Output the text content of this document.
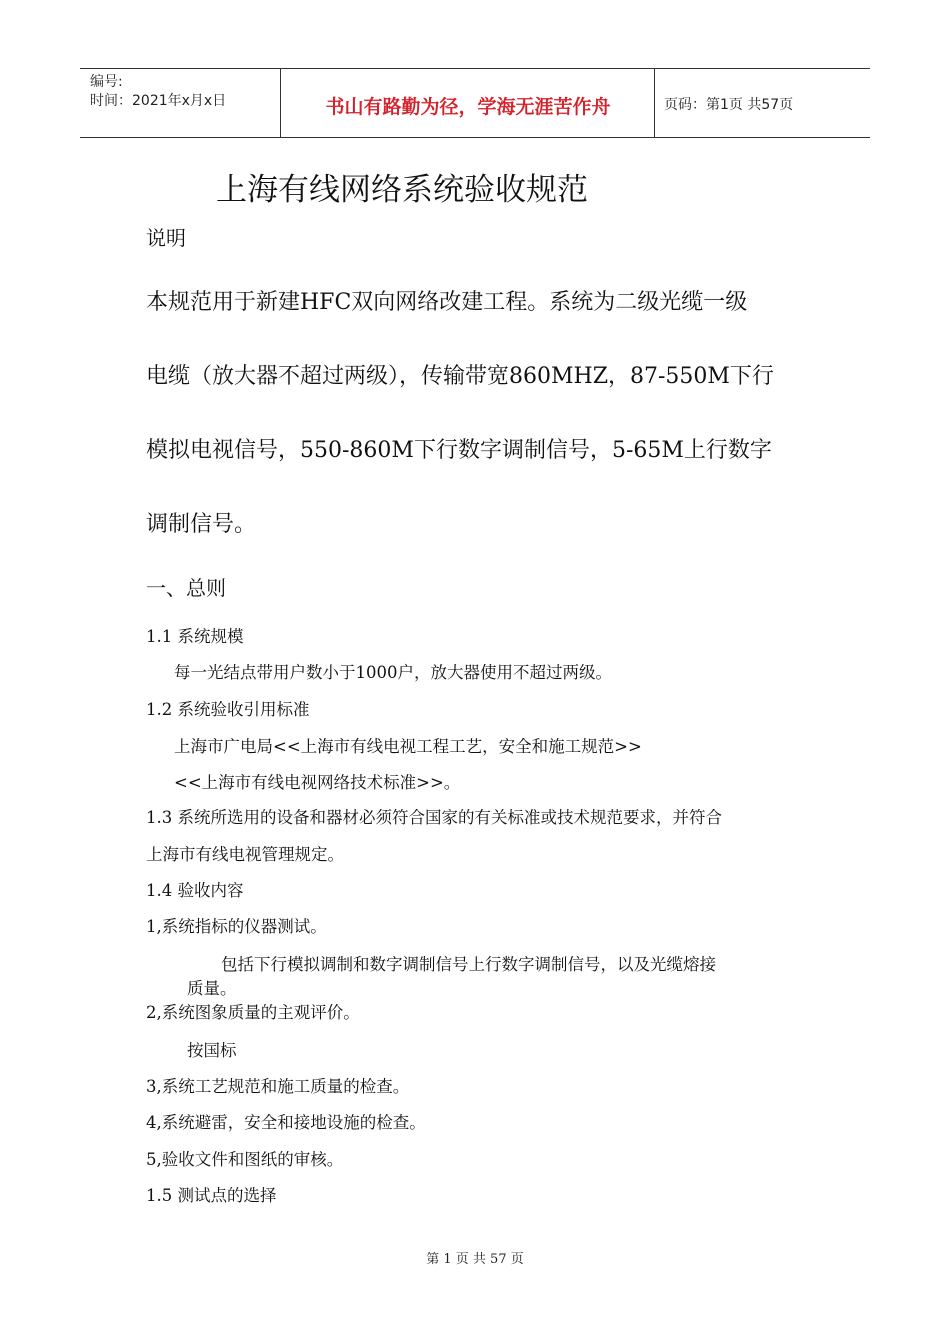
编号:
时间：2021年x月x日	书山有路勤为径，学海无涯苦作舟	页码：第1页 共57页
上海有线网络系统验收规范
说明
本规范用于新建HFC双向网络改建工程。系统为二级光缆一级
电缆（放大器不超过两级），传输带宽860MHZ，87-550M下行
模拟电视信号，550-860M下行数字调制信号，5-65M上行数字
调制信号。
一、总则
1.1 系统规模
每一光结点带用户数小于1000户，放大器使用不超过两级。
1.2 系统验收引用标准
上海市广电局<<上海市有线电视工程工艺，安全和施工规范>>
<<上海市有线电视网络技术标准>>。
1.3 系统所选用的设备和器材必须符合国家的有关标准或技术规范要求，并符合
上海市有线电视管理规定。
1.4 验收内容
1,系统指标的仪器测试。
包括下行模拟调制和数字调制信号上行数字调制信号，以及光缆熔接
质量。
2,系统图象质量的主观评价。
按国标
3,系统工艺规范和施工质量的检查。
4,系统避雷，安全和接地设施的检查。
5,验收文件和图纸的审核。
1.5 测试点的选择
第 1 页 共 57 页
